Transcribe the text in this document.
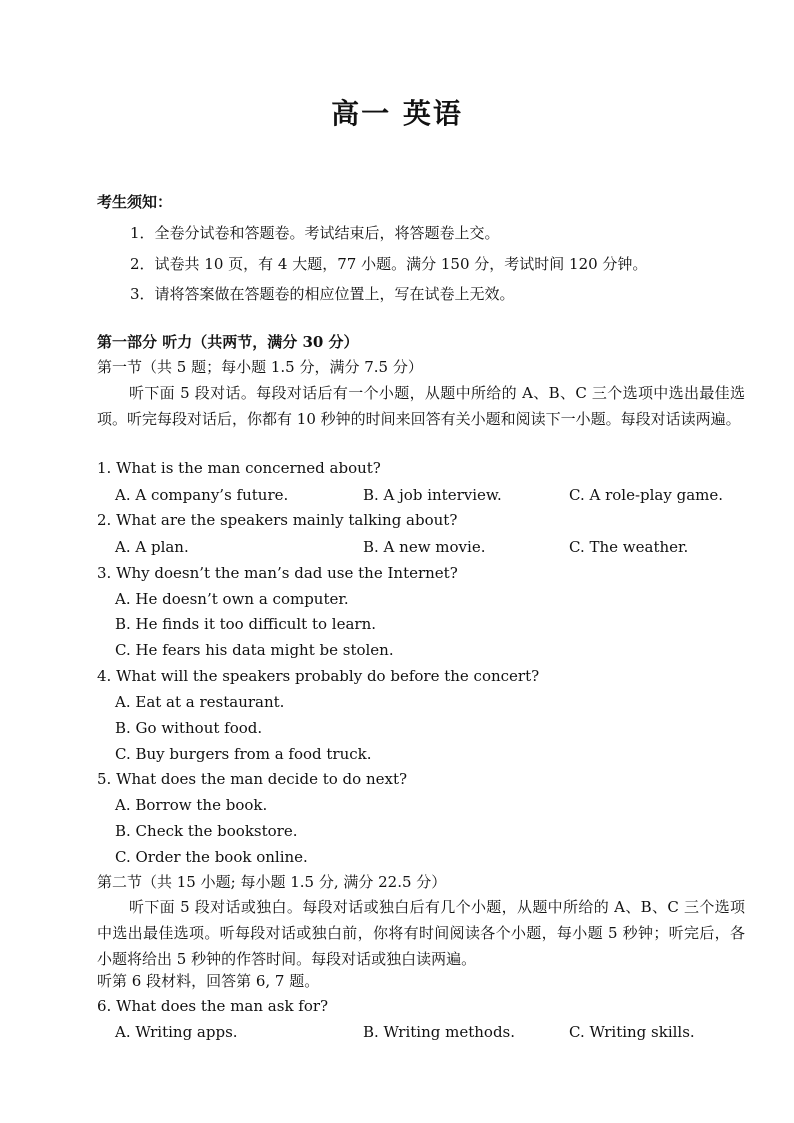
高一 英语
考生须知：
1．全卷分试卷和答题卷。考试结束后，将答题卷上交。
2．试卷共 10 页，有 4 大题，77 小题。满分 150 分，考试时间 120 分钟。
3．请将答案做在答题卷的相应位置上，写在试卷上无效。
第一部分 听力（共两节，满分 30 分）
第一节（共 5 题；每小题 1.5 分，满分 7.5 分）
听下面 5 段对话。每段对话后有一个小题，从题中所给的 A、B、C 三个选项中选出最佳选项。听完每段对话后，你都有 10 秒钟的时间来回答有关小题和阅读下一小题。每段对话读两遍。
1. What is the man concerned about?
A. A company’s future.	B. A job interview.	C. A role-play game.
2. What are the speakers mainly talking about?
A. A plan.	B. A new movie.	C. The weather.
3. Why doesn’t the man’s dad use the Internet?
A. He doesn’t own a computer.
B. He finds it too difficult to learn.
C. He fears his data might be stolen.
4. What will the speakers probably do before the concert?
A. Eat at a restaurant.
B. Go without food.
C. Buy burgers from a food truck.
5. What does the man decide to do next?
A. Borrow the book.
B. Check the bookstore.
C. Order the book online.
第二节（共 15 小题; 每小题 1.5 分, 满分 22.5 分）
听下面 5 段对话或独白。每段对话或独白后有几个小题，从题中所给的 A、B、C 三个选项中选出最佳选项。听每段对话或独白前，你将有时间阅读各个小题，每小题 5 秒钟；听完后，各小题将给出 5 秒钟的作答时间。每段对话或独白读两遍。
听第 6 段材料，回答第 6, 7 题。
6. What does the man ask for?
A. Writing apps.	B. Writing methods.	C. Writing skills.
